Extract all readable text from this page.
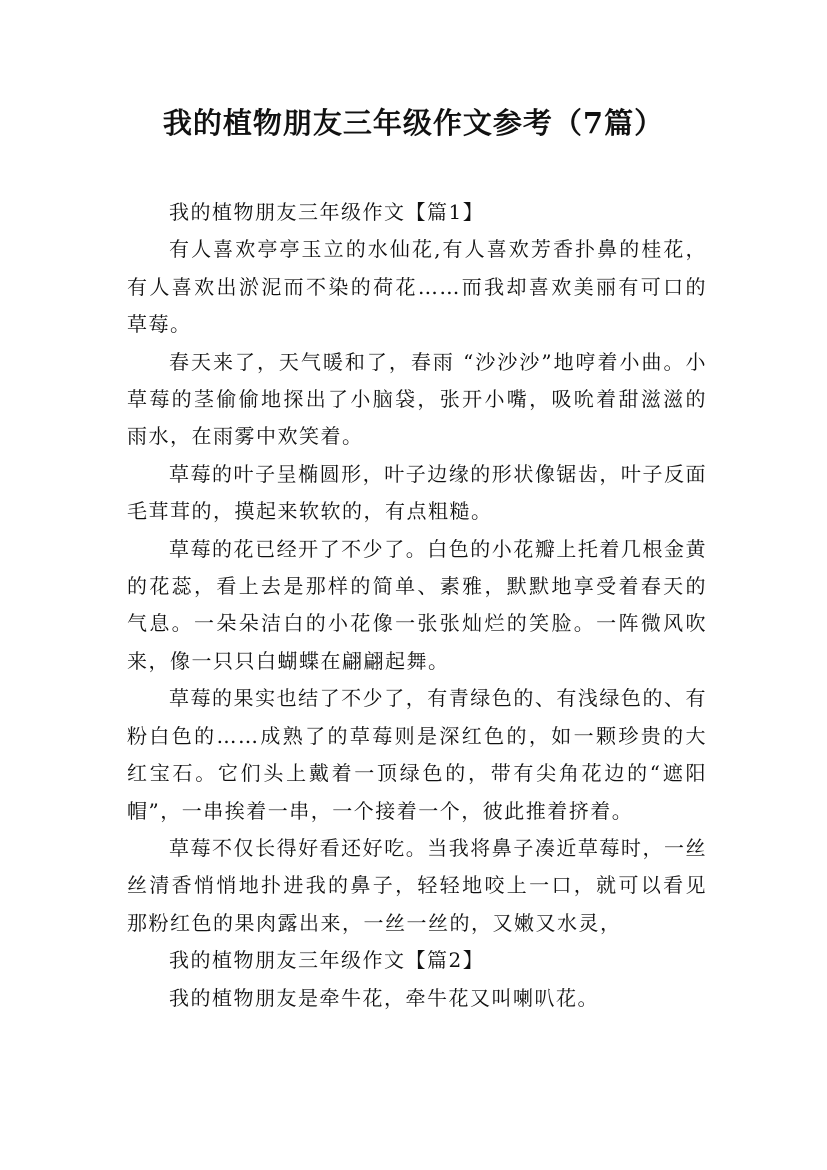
我的植物朋友三年级作文参考（7篇）

我的植物朋友三年级作文【篇1】

有人喜欢亭亭玉立的水仙花,有人喜欢芳香扑鼻的桂花，有人喜欢出淤泥而不染的荷花……而我却喜欢美丽有可口的草莓。

春天来了，天气暖和了，春雨 “沙沙沙”地哼着小曲。小草莓的茎偷偷地探出了小脑袋，张开小嘴，吸吮着甜滋滋的雨水，在雨雾中欢笑着。

草莓的叶子呈椭圆形，叶子边缘的形状像锯齿，叶子反面毛茸茸的，摸起来软软的，有点粗糙。

草莓的花已经开了不少了。白色的小花瓣上托着几根金黄的花蕊，看上去是那样的简单、素雅，默默地享受着春天的气息。一朵朵洁白的小花像一张张灿烂的笑脸。一阵微风吹来，像一只只白蝴蝶在翩翩起舞。

草莓的果实也结了不少了，有青绿色的、有浅绿色的、有粉白色的……成熟了的草莓则是深红色的，如一颗珍贵的大红宝石。它们头上戴着一顶绿色的，带有尖角花边的“遮阳帽”，一串挨着一串，一个接着一个，彼此推着挤着。

草莓不仅长得好看还好吃。当我将鼻子凑近草莓时，一丝丝清香悄悄地扑进我的鼻子，轻轻地咬上一口，就可以看见那粉红色的果肉露出来，一丝一丝的，又嫩又水灵，

我的植物朋友三年级作文【篇2】

我的植物朋友是牵牛花，牵牛花又叫喇叭花。
